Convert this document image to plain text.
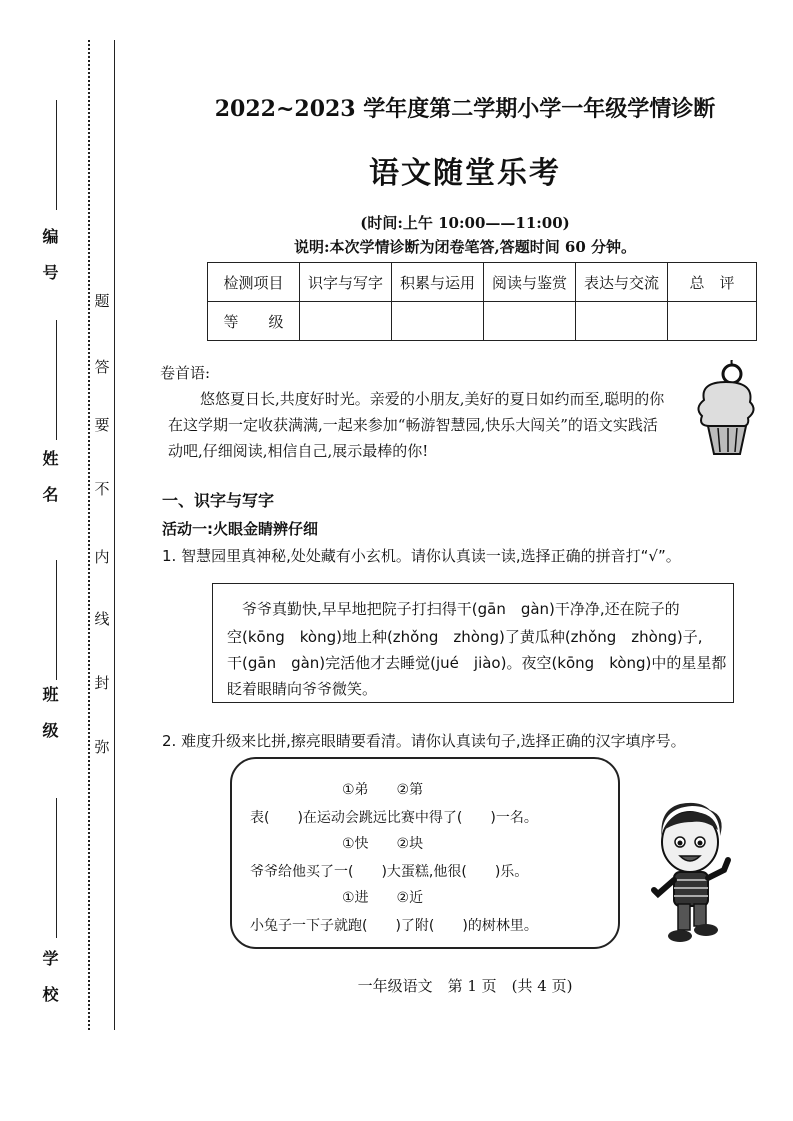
编号
姓名
班级
学校
题
答
要
不
内
线
封
弥
2022~2023 学年度第二学期小学一年级学情诊断
语文随堂乐考
(时间:上午 10:00——11:00)
说明:本次学情诊断为闭卷笔答,答题时间 60 分钟。
检测项目	识字与写字	积累与运用	阅读与鉴赏	表达与交流	总　评
等　　级					
卷首语:
悠悠夏日长,共度好时光。亲爱的小朋友,美好的夏日如约而至,聪明的你
在这学期一定收获满满,一起来参加“畅游智慧园,快乐大闯关”的语文实践活
动吧,仔细阅读,相信自己,展示最棒的你!
一、识字与写字
活动一:火眼金睛辨仔细
1. 智慧园里真神秘,处处藏有小玄机。请你认真读一读,选择正确的拼音打“√”。
　爷爷真勤快,早早地把院子打扫得干(gān　gàn)干净净,还在院子的
空(kōng　kòng)地上种(zhǒng　zhòng)了黄瓜种(zhǒng　zhòng)子,
干(gān　gàn)完活他才去睡觉(jué　jiào)。夜空(kōng　kòng)中的星星都
眨着眼睛向爷爷微笑。
2. 难度升级来比拼,擦亮眼睛要看清。请你认真读句子,选择正确的汉字填序号。
①弟　　②第
表(　　)在运动会跳远比赛中得了(　　)一名。
①快　　②块
爷爷给他买了一(　　)大蛋糕,他很(　　)乐。
①进　　②近
小兔子一下子就跑(　　)了附(　　)的树林里。
一年级语文　第 1 页　(共 4 页)
